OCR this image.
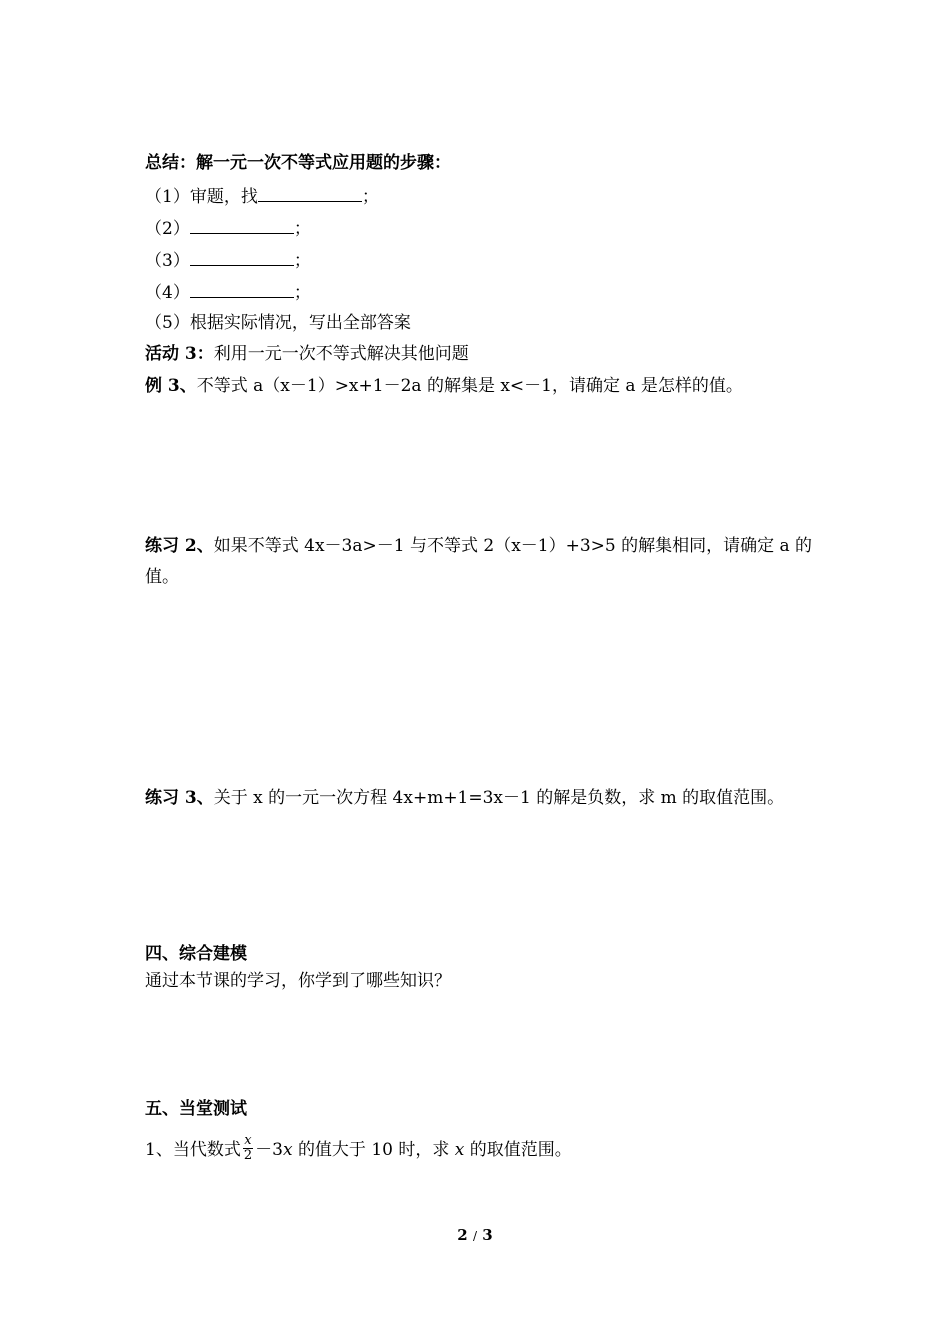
总结：解一元一次不等式应用题的步骤：
（1）审题，找	；
（2）	；
（3）	；
（4）	；
（5）根据实际情况，写出全部答案
活动 3：利用一元一次不等式解决其他问题
例 3、不等式 a（x－1）>x+1－2a 的解集是 x<－1，请确定 a 是怎样的值。
练习 2、如果不等式 4x－3a>－1 与不等式 2（x－1）+3>5 的解集相同，请确定 a 的
值。
练习 3、关于 x 的一元一次方程 4x+m+1=3x－1 的解是负数，求 m 的取值范围。
四、综合建模
通过本节课的学习，你学到了哪些知识？
五、当堂测试
1、当代数式 $\frac{x}{2} -3x$ 的值大于 10 时，求 x 的取值范围。
2 / 3
